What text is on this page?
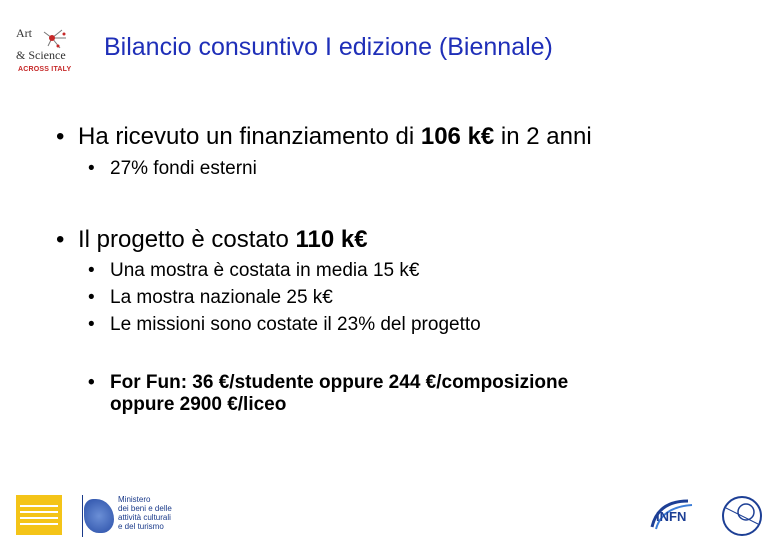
Art
& Science
ACROSS ITALY
Bilancio consuntivo I edizione (Biennale)
• Ha ricevuto un finanziamento di 106 k€ in 2 anni
• 27% fondi esterni
• Il progetto è costato 110 k€
• Una mostra è costata in media 15 k€
• La mostra nazionale 25 k€
• Le missioni sono costate il 23% del progetto
• For Fun: 36 €/studente oppure 244 €/composizione
oppure 2900 €/liceo
Ministero
dei beni e delle
attività culturali
e del turismo
INFN
